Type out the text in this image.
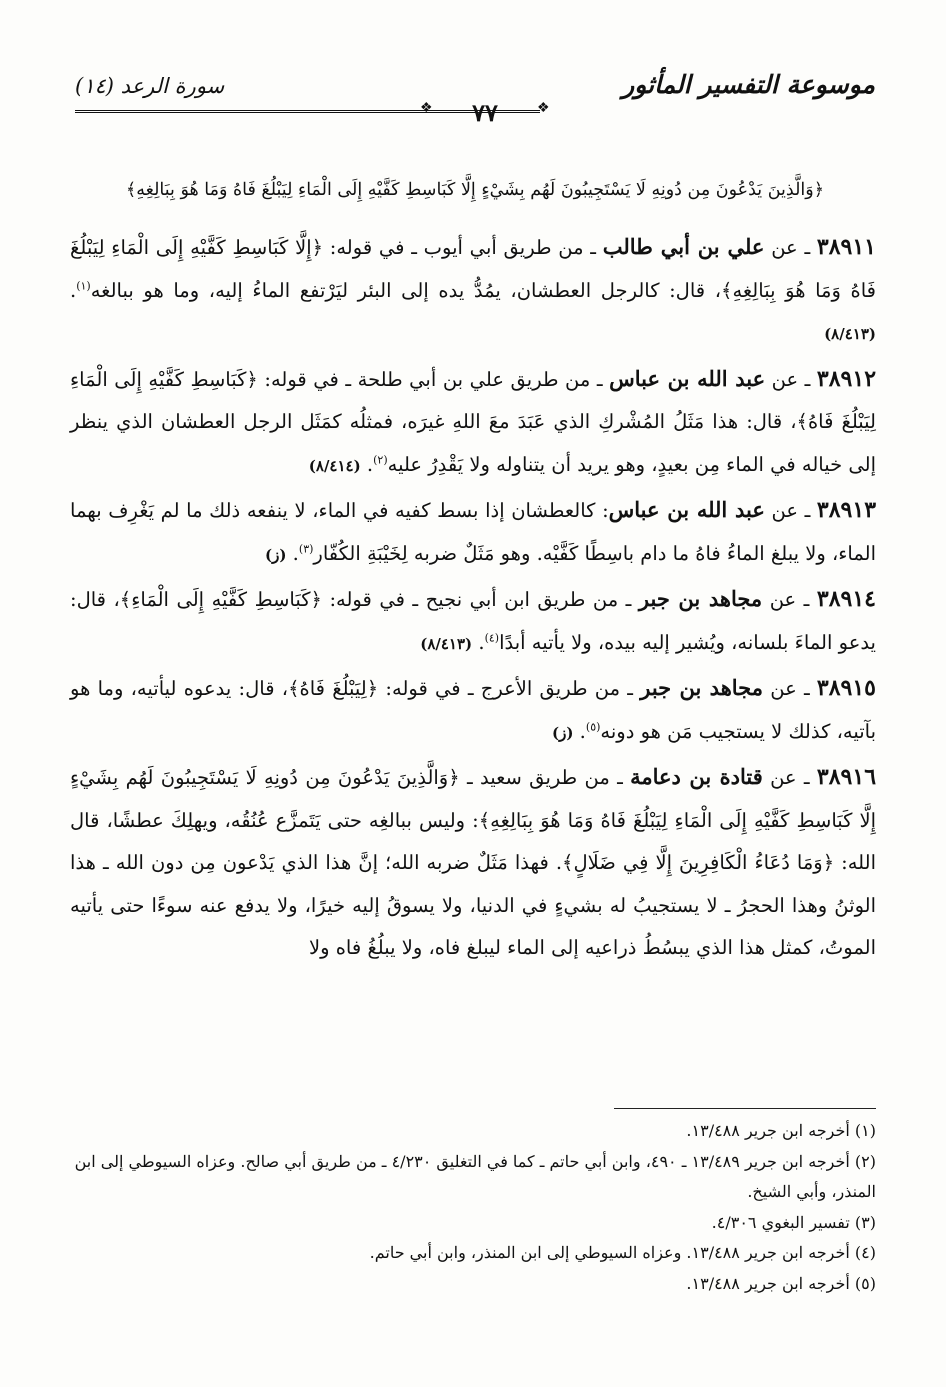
موسوعة التفسير المأثور
❖
٧٧
❖
سورة الرعد (١٤)
﴿وَالَّذِينَ يَدْعُونَ مِن دُونِهِ لَا يَسْتَجِيبُونَ لَهُم بِشَيْءٍ إِلَّا كَبَاسِطِ كَفَّيْهِ إِلَى الْمَاءِ لِيَبْلُغَ فَاهُ وَمَا هُوَ بِبَالِغِهِ﴾

٣٨٩١١ ـ عن علي بن أبي طالب ـ من طريق أبي أيوب ـ في قوله: ﴿إِلَّا كَبَاسِطِ كَفَّيْهِ إِلَى الْمَاءِ لِيَبْلُغَ فَاهُ وَمَا هُوَ بِبَالِغِهِ﴾، قال: كالرجل العطشان، يمُدُّ يده إلى البئر ليَرْتفع الماءُ إليه، وما هو ببالغه$^{(١)}$. (٨/٤١٣)

٣٨٩١٢ ـ عن عبد الله بن عباس ـ من طريق علي بن أبي طلحة ـ في قوله: ﴿كَبَاسِطِ كَفَّيْهِ إِلَى الْمَاءِ لِيَبْلُغَ فَاهُ﴾، قال: هذا مَثَلُ المُشْركِ الذي عَبَدَ معَ اللهِ غيرَه، فمثلُه كمَثَل الرجل العطشان الذي ينظر إلى خياله في الماء مِن بعيدٍ، وهو يريد أن يتناوله ولا يَقْدِرُ عليه$^{(٢)}$. (٨/٤١٤)

٣٨٩١٣ ـ عن عبد الله بن عباس: كالعطشان إذا بسط كفيه في الماء، لا ينفعه ذلك ما لم يَغْرِف بهما الماء، ولا يبلغ الماءُ فاهُ ما دام باسِطًا كَفَّيْه. وهو مَثَلٌ ضربه لِخَيْبَةِ الكُفّار$^{(٣)}$. (ز)

٣٨٩١٤ ـ عن مجاهد بن جبر ـ من طريق ابن أبي نجيح ـ في قوله: ﴿كَبَاسِطِ كَفَّيْهِ إِلَى الْمَاءِ﴾، قال: يدعو الماءَ بلسانه، ويُشير إليه بيده، ولا يأتيه أبدًا$^{(٤)}$. (٨/٤١٣)

٣٨٩١٥ ـ عن مجاهد بن جبر ـ من طريق الأعرج ـ في قوله: ﴿لِيَبْلُغَ فَاهُ﴾، قال: يدعوه ليأتيه، وما هو بآتيه، كذلك لا يستجيب مَن هو دونه$^{(٥)}$. (ز)

٣٨٩١٦ ـ عن قتادة بن دعامة ـ من طريق سعيد ـ ﴿وَالَّذِينَ يَدْعُونَ مِن دُونِهِ لَا يَسْتَجِيبُونَ لَهُم بِشَيْءٍ إِلَّا كَبَاسِطِ كَفَّيْهِ إِلَى الْمَاءِ لِيَبْلُغَ فَاهُ وَمَا هُوَ بِبَالِغِهِ﴾: وليس ببالغِه حتى يَتَمزَّع عُنُقُه، ويهلِكَ عطشًا، قال الله: ﴿وَمَا دُعَاءُ الْكَافِرِينَ إِلَّا فِي ضَلَالٍ﴾. فهذا مَثَلٌ ضربه الله؛ إنَّ هذا الذي يَدْعون مِن دون الله ـ هذا الوثنُ وهذا الحجرُ ـ لا يستجيبُ له بشيءٍ في الدنيا، ولا يسوقُ إليه خيرًا، ولا يدفع عنه سوءًا حتى يأتيه الموتُ، كمثل هذا الذي يبسُطُ ذراعيه إلى الماء ليبلغ فاه، ولا يبلُغُ فاه ولا

(١) أخرجه ابن جرير ١٣/٤٨٨.

(٢) أخرجه ابن جرير ١٣/٤٨٩ ـ ٤٩٠، وابن أبي حاتم ـ كما في التغليق ٤/٢٣٠ ـ من طريق أبي صالح. وعزاه السيوطي إلى ابن المنذر، وأبي الشيخ.

(٣) تفسير البغوي ٤/٣٠٦.

(٤) أخرجه ابن جرير ١٣/٤٨٨. وعزاه السيوطي إلى ابن المنذر، وابن أبي حاتم.

(٥) أخرجه ابن جرير ١٣/٤٨٨.
